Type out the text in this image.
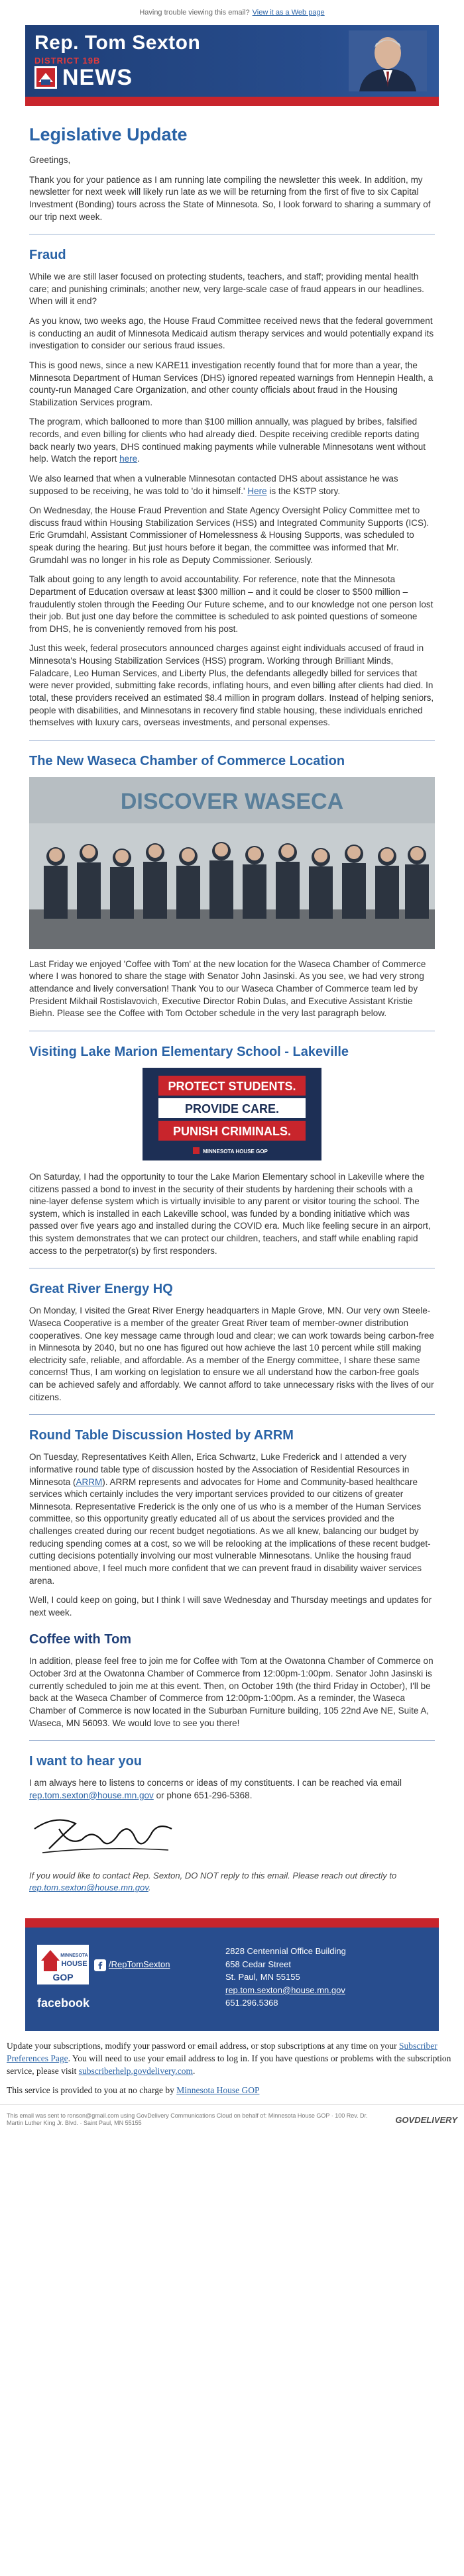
Having trouble viewing this email? View it as a Web page
Rep. Tom Sexton
DISTRICT 19B
NEWS
Legislative Update

Greetings,

Thank you for your patience as I am running late compiling the newsletter this week. In addition, my newsletter for next week will likely run late as we will be returning from the first of five to six Capital Investment (Bonding) tours across the State of Minnesota. So, I look forward to sharing a summary of our trip next week.

Fraud

While we are still laser focused on protecting students, teachers, and staff; providing mental health care; and punishing criminals; another new, very large-scale case of fraud appears in our headlines. When will it end?

As you know, two weeks ago, the House Fraud Committee received news that the federal government is conducting an audit of Minnesota Medicaid autism therapy services and would potentially expand its investigation to consider our serious fraud issues.

This is good news, since a new KARE11 investigation recently found that for more than a year, the Minnesota Department of Human Services (DHS) ignored repeated warnings from Hennepin Health, a county-run Managed Care Organization, and other county officials about fraud in the Housing Stabilization Services program.

The program, which ballooned to more than $100 million annually, was plagued by bribes, falsified records, and even billing for clients who had already died. Despite receiving credible reports dating back nearly two years, DHS continued making payments while vulnerable Minnesotans went without help. Watch the report here.

We also learned that when a vulnerable Minnesotan contacted DHS about assistance he was supposed to be receiving, he was told to 'do it himself.' Here is the KSTP story.

On Wednesday, the House Fraud Prevention and State Agency Oversight Policy Committee met to discuss fraud within Housing Stabilization Services (HSS) and Integrated Community Supports (ICS). Eric Grumdahl, Assistant Commissioner of Homelessness & Housing Supports, was scheduled to speak during the hearing. But just hours before it began, the committee was informed that Mr. Grumdahl was no longer in his role as Deputy Commissioner. Seriously.

Talk about going to any length to avoid accountability. For reference, note that the Minnesota Department of Education oversaw at least $300 million – and it could be closer to $500 million – fraudulently stolen through the Feeding Our Future scheme, and to our knowledge not one person lost their job. But just one day before the committee is scheduled to ask pointed questions of someone from DHS, he is conveniently removed from his post.

Just this week, federal prosecutors announced charges against eight individuals accused of fraud in Minnesota's Housing Stabilization Services (HSS) program. Working through Brilliant Minds, Faladcare, Leo Human Services, and Liberty Plus, the defendants allegedly billed for services that were never provided, submitting fake records, inflating hours, and even billing after clients had died. In total, these providers received an estimated $8.4 million in program dollars. Instead of helping seniors, people with disabilities, and Minnesotans in recovery find stable housing, these individuals enriched themselves with luxury cars, overseas investments, and personal expenses.

The New Waseca Chamber of Commerce Location
DISCOVER WASECA

Last Friday we enjoyed 'Coffee with Tom' at the new location for the Waseca Chamber of Commerce where I was honored to share the stage with Senator John Jasinski. As you see, we had very strong attendance and lively conversation! Thank You to our Waseca Chamber of Commerce team led by President Mikhail Rostislavovich, Executive Director Robin Dulas, and Executive Assistant Kristie Biehn. Please see the Coffee with Tom October schedule in the very last paragraph below.

Visiting Lake Marion Elementary School - Lakeville
PROTECT STUDENTS.
PROVIDE CARE.
PUNISH CRIMINALS.
MINNESOTA HOUSE GOP

On Saturday, I had the opportunity to tour the Lake Marion Elementary school in Lakeville where the citizens passed a bond to invest in the security of their students by hardening their schools with a nine-layer defense system which is virtually invisible to any parent or visitor touring the school. The system, which is installed in each Lakeville school, was funded by a bonding initiative which was passed over five years ago and installed during the COVID era. Much like feeling secure in an airport, this system demonstrates that we can protect our children, teachers, and staff while enabling rapid access to the perpetrator(s) by first responders.

Great River Energy HQ

On Monday, I visited the Great River Energy headquarters in Maple Grove, MN. Our very own Steele-Waseca Cooperative is a member of the greater Great River team of member-owner distribution cooperatives. One key message came through loud and clear; we can work towards being carbon-free in Minnesota by 2040, but no one has figured out how achieve the last 10 percent while still making electricity safe, reliable, and affordable. As a member of the Energy committee, I share these same concerns! Thus, I am working on legislation to ensure we all understand how the carbon-free goals can be achieved safely and affordably. We cannot afford to take unnecessary risks with the lives of our citizens.

Round Table Discussion Hosted by ARRM

On Tuesday, Representatives Keith Allen, Erica Schwartz, Luke Frederick and I attended a very informative round table type of discussion hosted by the Association of Residential Resources in Minnesota (ARRM). ARRM represents and advocates for Home and Community-based healthcare services which certainly includes the very important services provided to our citizens of greater Minnesota. Representative Frederick is the only one of us who is a member of the Human Services committee, so this opportunity greatly educated all of us about the services provided and the challenges created during our recent budget negotiations. As we all knew, balancing our budget by reducing spending comes at a cost, so we will be relooking at the implications of these recent budget-cutting decisions potentially involving our most vulnerable Minnesotans. Unlike the housing fraud mentioned above, I feel much more confident that we can prevent fraud in disability waiver services arena.

Well, I could keep on going, but I think I will save Wednesday and Thursday meetings and updates for next week.

Coffee with Tom

In addition, please feel free to join me for Coffee with Tom at the Owatonna Chamber of Commerce on October 3rd at the Owatonna Chamber of Commerce from 12:00pm-1:00pm. Senator John Jasinski is currently scheduled to join me at this event. Then, on October 19th (the third Friday in October), I'll be back at the Waseca Chamber of Commerce from 12:00pm-1:00pm. As a reminder, the Waseca Chamber of Commerce is now located in the Suburban Furniture building, 105 22nd Ave NE, Suite A, Waseca, MN 56093. We would love to see you there!

I want to hear you

I am always here to listens to concerns or ideas of my constituents. I can be reached via email rep.tom.sexton@house.mn.gov or phone 651-296-5368.

If you would like to contact Rep. Sexton, DO NOT reply to this email. Please reach out directly to rep.tom.sexton@house.mn.gov.

MINNESOTA
HOUSE
GOP
/RepTomSexton
facebook
2828 Centennial Office Building
658 Cedar Street
St. Paul, MN 55155
rep.tom.sexton@house.mn.gov
651.296.5368

Update your subscriptions, modify your password or email address, or stop subscriptions at any time on your Subscriber Preferences Page. You will need to use your email address to log in. If you have questions or problems with the subscription service, please visit subscriberhelp.govdelivery.com.

This service is provided to you at no charge by Minnesota House GOP

This email was sent to ronson@gmail.com using GovDelivery Communications Cloud on behalf of: Minnesota House GOP · 100 Rev. Dr. Martin Luther King Jr. Blvd. · Saint Paul, MN 55155	GOVDELIVERY
